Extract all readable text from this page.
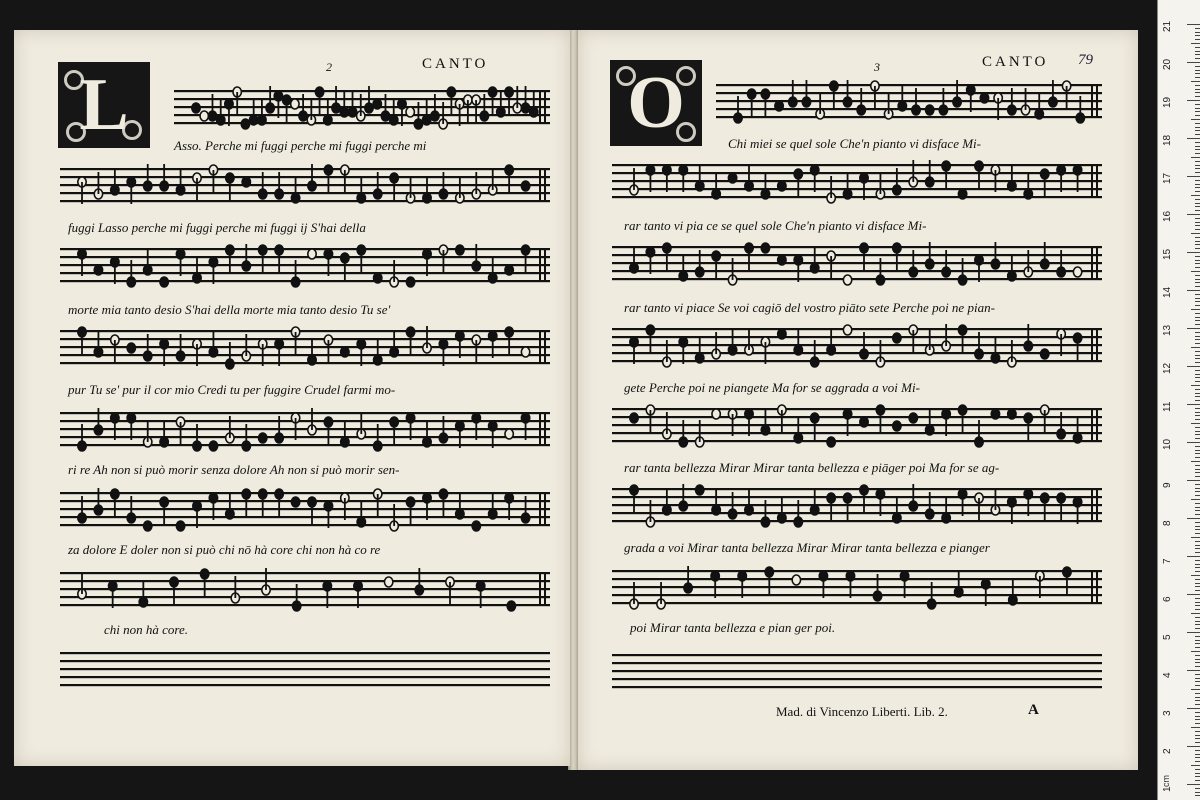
CANTO
2
L	Asso. Perche mi fuggi perche mi fuggi perche mi
fuggi Lasso perche mi fuggi perche mi fuggi ij S'hai della
morte mia tanto desio S'hai della morte mia tanto desio Tu se'
pur Tu se' pur il cor mio Credi tu per fuggire Crudel farmi mo-
ri re Ah non si può morir senza dolore Ah non si può morir sen-
za dolore E doler non si può chi nō hà core chi non hà co re
chi non hà core.
CANTO
3	79
O	Chi miei se quel sole Che'n pianto vi disface Mi-
rar tanto vi pia ce se quel sole Che'n pianto vi disface Mi-
rar tanto vi piace Se voi cagiō del vostro piāto sete Perche poi ne pian-
gete Perche poi ne piangete Ma for se aggrada a voi Mi-
rar tanta bellezza Mirar Mirar tanta bellezza e piāger poi Ma for se ag-
grada a voi Mirar tanta bellezza Mirar Mirar tanta bellezza e pianger
poi Mirar tanta bellezza e pian ger poi.
Mad. di Vincenzo Liberti. Lib. 2.	A
21
20
19
18
17
16
15
14
13
12
11
10
9
8
7
6
5
4
3
2
1
cm
